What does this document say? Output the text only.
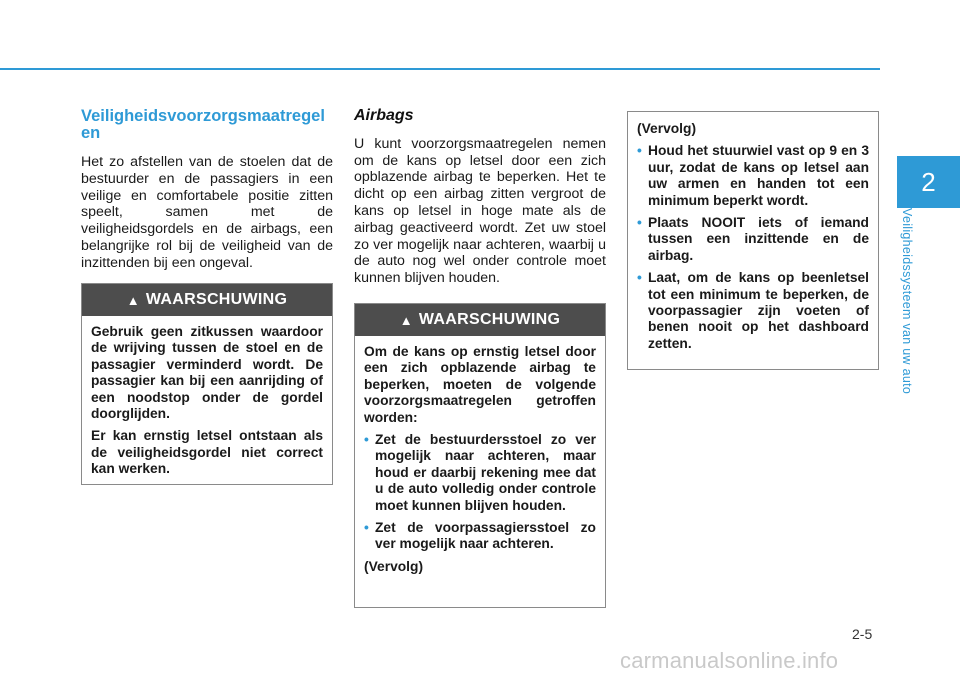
2
Veiligheidssysteem van uw auto
Veiligheidsvoorzorgsmaatregel en

Het zo afstellen van de stoelen dat de bestuurder en de passagiers in een veilige en comfortabele positie zitten speelt, samen met de veiligheidsgordels en de airbags, een belangrijke rol bij de veiligheid van de inzittenden bij een ongeval.

▲ WAARSCHUWING

Gebruik geen zitkussen waardoor de wrijving tussen de stoel en de passagier verminderd wordt. De passagier kan bij een aanrijding of een noodstop onder de gordel doorglijden.

Er kan ernstig letsel ontstaan als de veiligheidsgordel niet correct kan werken.

Airbags

U kunt voorzorgsmaatregelen nemen om de kans op letsel door een zich opblazende airbag te beperken. Het te dicht op een airbag zitten vergroot de kans op letsel in hoge mate als de airbag geactiveerd wordt. Zet uw stoel zo ver mogelijk naar achteren, waarbij u de auto nog wel onder controle moet kunnen blijven houden.

▲ WAARSCHUWING

Om de kans op ernstig letsel door een zich opblazende airbag te beperken, moeten de volgende voorzorgsmaatregelen getroffen worden:

• Zet de bestuurdersstoel zo ver mogelijk naar achteren, maar houd er daarbij rekening mee dat u de auto volledig onder controle moet kunnen blijven houden.
• Zet de voorpassagiersstoel zo ver mogelijk naar achteren.

(Vervolg)

(Vervolg)

• Houd het stuurwiel vast op 9 en 3 uur, zodat de kans op letsel aan uw armen en handen tot een minimum beperkt wordt.
• Plaats NOOIT iets of iemand tussen een inzittende en de airbag.
• Laat, om de kans op beenletsel tot een minimum te beperken, de voorpassagier zijn voeten of benen nooit op het dashboard zetten.
2-5
carmanualsonline.info
